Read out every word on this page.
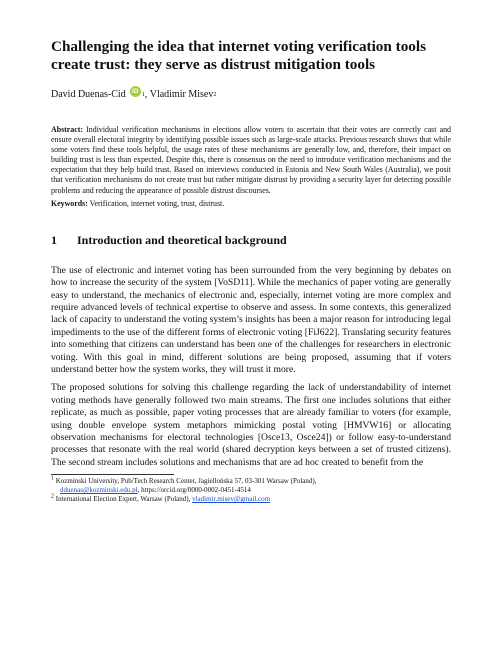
Challenging the idea that internet voting verification tools create trust: they serve as distrust mitigation tools
David Duenas-Cid iD 1 , Vladimir Misev 2
Abstract: Individual verification mechanisms in elections allow voters to ascertain that their votes are correctly cast and ensure overall electoral integrity by identifying possible issues such as large-scale attacks. Previous research shows that while some voters find these tools helpful, the usage rates of these mechanisms are generally low, and, therefore, their impact on building trust is less than expected. Despite this, there is consensus on the need to introduce verification mechanisms and the expectation that they help build trust. Based on interviews conducted in Estonia and New South Wales (Australia), we posit that verification mechanisms do not create trust but rather mitigate distrust by providing a security layer for detecting possible problems and reducing the appearance of possible distrust discourses.
Keywords: Verification, internet voting, trust, distrust.
1	Introduction and theoretical background

The use of electronic and internet voting has been surrounded from the very beginning by debates on how to increase the security of the system [VoSD11]. While the mechanics of paper voting are generally easy to understand, the mechanics of electronic and, especially, internet voting are more complex and require advanced levels of technical expertise to observe and assess. In some contexts, this generalized lack of capacity to understand the voting system’s insights has been a major reason for introducing legal impediments to the use of the different forms of electronic voting [FiJ622]. Translating security features into something that citizens can understand has been one of the challenges for researchers in electronic voting. With this goal in mind, different solutions are being proposed, assuming that if voters understand better how the system works, they will trust it more.

The proposed solutions for solving this challenge regarding the lack of understandability of internet voting methods have generally followed two main streams. The first one includes solutions that either replicate, as much as possible, paper voting processes that are already familiar to voters (for example, using double envelope system metaphors mimicking postal voting [HMVW16] or allocating observation mechanisms for electoral technologies [Osce13, Osce24]) or follow easy-to-understand processes that resonate with the real world (shared decryption keys between a set of trusted citizens). The second stream includes solutions and mechanisms that are ad hoc created to benefit from the

$^1$ Kozminski University, Pub/Tech Research Center, Jagiellońska 57, 03-301 Warsaw (Poland),
dduenas@kozminski.edu.pl, https://orcid.org/0000-0002-0451-4514
$^2$ International Election Expert, Warsaw (Poland), vladimir.misev@gmail.com
